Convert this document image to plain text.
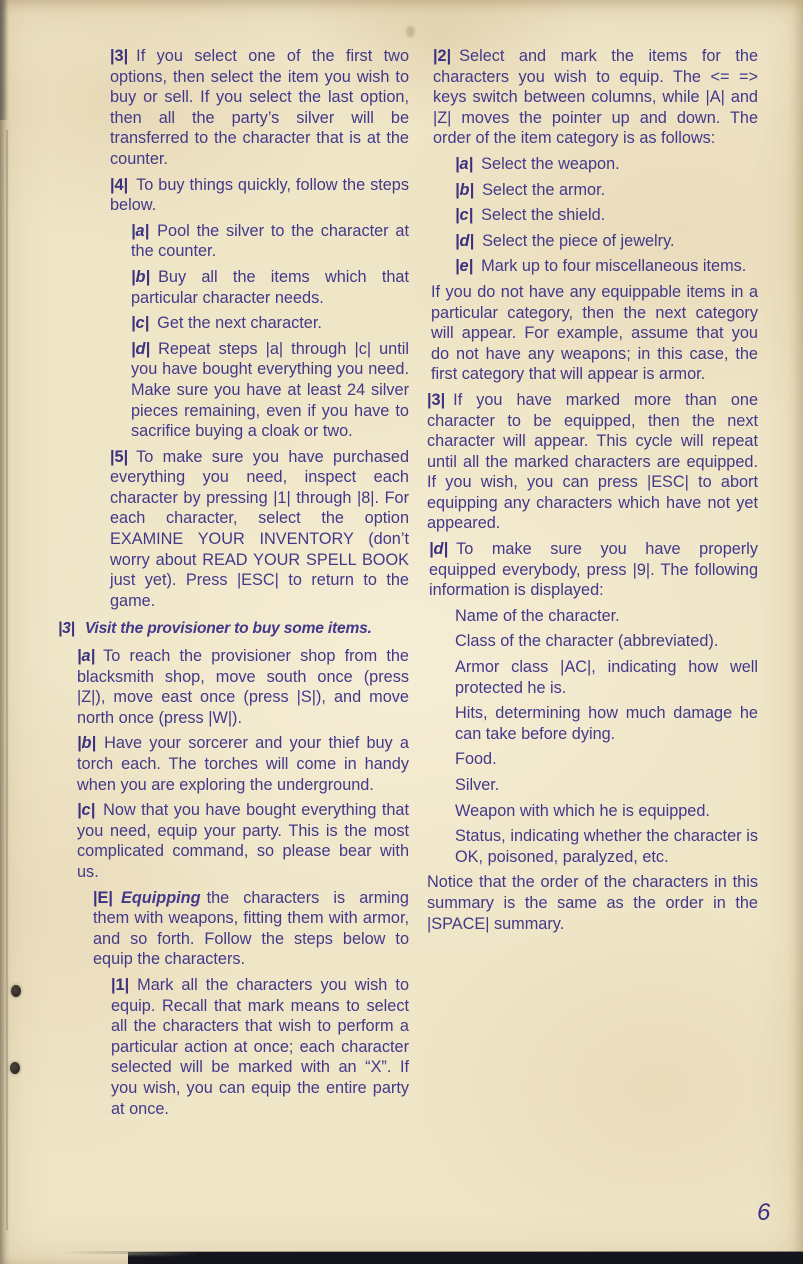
|3| If you select one of the first two options, then select the item you wish to buy or sell. If you select the last option, then all the party’s silver will be transferred to the character that is at the counter.

|4| To buy things quickly, follow the steps below.

|a| Pool the silver to the character at the counter.

|b| Buy all the items which that particular character needs.

|c| Get the next character.

|d| Repeat steps |a| through |c| until you have bought everything you need. Make sure you have at least 24 silver pieces remaining, even if you have to sacrifice buying a cloak or two.

|5| To make sure you have purchased everything you need, inspect each character by pressing |1| through |8|. For each character, select the option EXAMINE YOUR INVENTORY (don’t worry about READ YOUR SPELL BOOK just yet). Press |ESC| to return to the game.

|3| Visit the provisioner to buy some items.

|a| To reach the provisioner shop from the blacksmith shop, move south once (press |Z|), move east once (press |S|), and move north once (press |W|).

|b| Have your sorcerer and your thief buy a torch each. The torches will come in handy when you are exploring the underground.

|c| Now that you have bought everything that you need, equip your party. This is the most complicated command, so please bear with us.

|E| Equipping the characters is arming them with weapons, fitting them with armor, and so forth. Follow the steps below to equip the characters.

|1| Mark all the characters you wish to equip. Recall that mark means to select all the characters that wish to perform a particular action at once; each character selected will be marked with an “X”. If you wish, you can equip the entire party at once.

|2| Select and mark the items for the characters you wish to equip. The <= => keys switch between columns, while |A| and |Z| moves the pointer up and down. The order of the item category is as follows:

|a| Select the weapon.

|b| Select the armor.

|c| Select the shield.

|d| Select the piece of jewelry.

|e| Mark up to four miscellaneous items.

If you do not have any equippable items in a particular category, then the next category will appear. For example, assume that you do not have any weapons; in this case, the first category that will appear is armor.

|3| If you have marked more than one character to be equipped, then the next character will appear. This cycle will repeat until all the marked characters are equipped. If you wish, you can press |ESC| to abort equipping any characters which have not yet appeared.

|d| To make sure you have properly equipped everybody, press |9|. The following information is displayed:

Name of the character.

Class of the character (abbreviated).

Armor class |AC|, indicating how well protected he is.

Hits, determining how much damage he can take before dying.

Food.

Silver.

Weapon with which he is equipped.

Status, indicating whether the character is OK, poisoned, paralyzed, etc.

Notice that the order of the characters in this summary is the same as the order in the |SPACE| summary.

6
